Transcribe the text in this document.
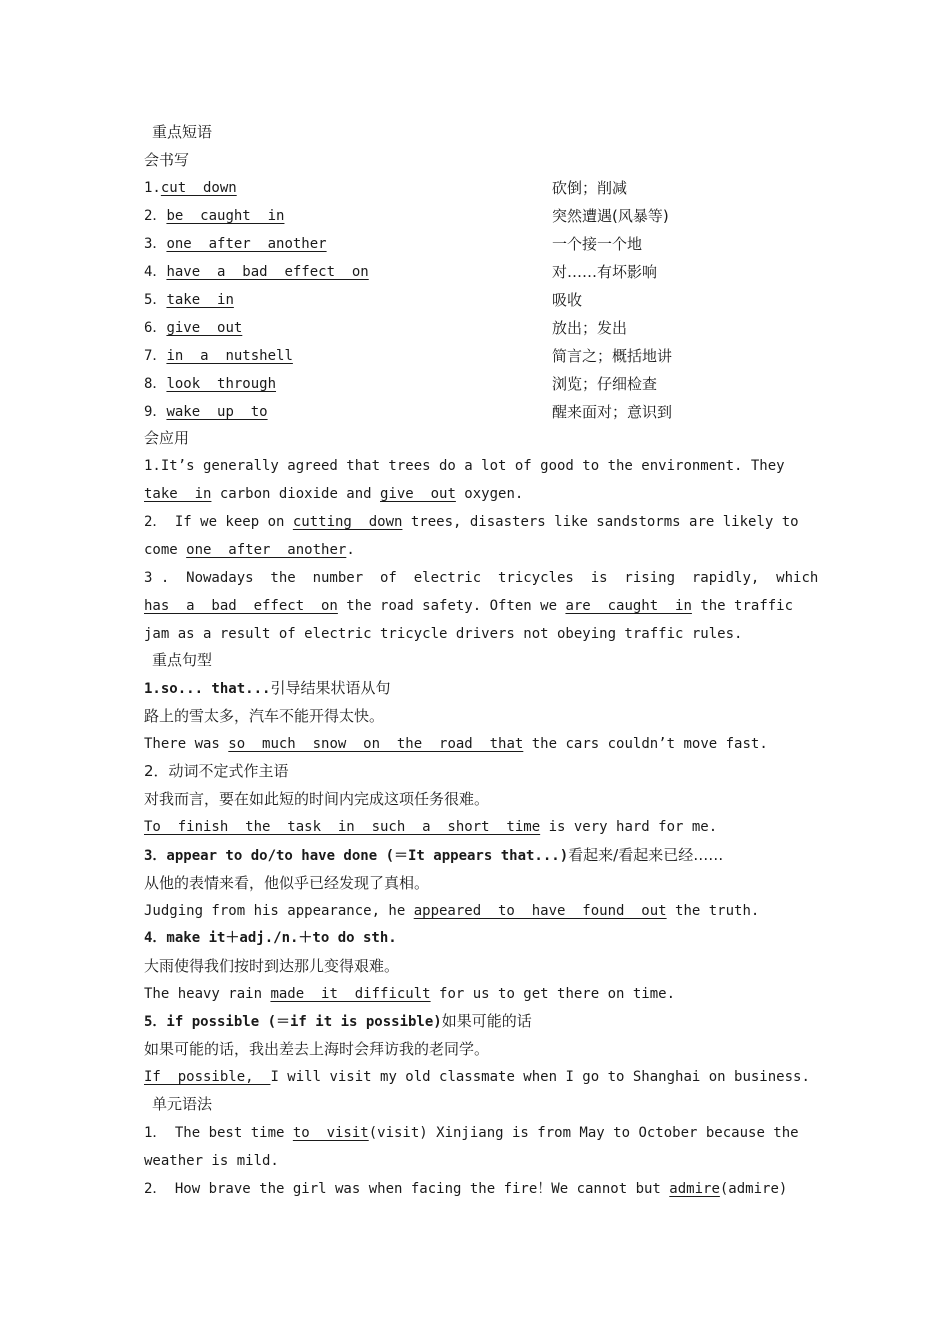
重点短语
会书写
1.cut  down	砍倒；削减
2．be  caught  in	突然遭遇(风暴等)
3．one  after  another	一个接一个地
4．have  a  bad  effect  on	对……有坏影响
5．take  in	吸收
6．give  out	放出；发出
7．in  a  nutshell	简言之；概括地讲
8．look  through	浏览；仔细检查
9．wake  up  to	醒来面对；意识到
会应用
1.It’s generally agreed that trees do a lot of good to the environment. They
take  in carbon dioxide and give  out oxygen.
2． If we keep on cutting  down trees, disasters like sandstorms are likely to
come one  after  another.
3 .  Nowadays  the  number  of  electric  tricycles  is  rising  rapidly,  which
has  a  bad  effect  on the road safety. Often we are  caught  in the traffic
jam as a result of electric tricycle drivers not obeying traffic rules.
重点句型
1.so... that...引导结果状语从句
路上的雪太多，汽车不能开得太快。
There was so  much  snow  on  the  road  that the cars couldn’t move fast.
2．动词不定式作主语
对我而言，要在如此短的时间内完成这项任务很难。
To  finish  the  task  in  such  a  short  time is very hard for me.
3．appear to do/to have done (＝It appears that...)看起来/看起来已经……
从他的表情来看，他似乎已经发现了真相。
Judging from his appearance, he appeared  to  have  found  out the truth.
4．make it＋adj./n.＋to do sth.
大雨使得我们按时到达那儿变得艰难。
The heavy rain made  it  difficult for us to get there on time.
5．if possible (＝if it is possible)如果可能的话
如果可能的话，我出差去上海时会拜访我的老同学。
If  possible,  I will visit my old classmate when I go to Shanghai on business.
单元语法
1． The best time to  visit(visit) Xinjiang is from May to October because the
weather is mild.
2． How brave the girl was when facing the fire！We cannot but admire(admire)
